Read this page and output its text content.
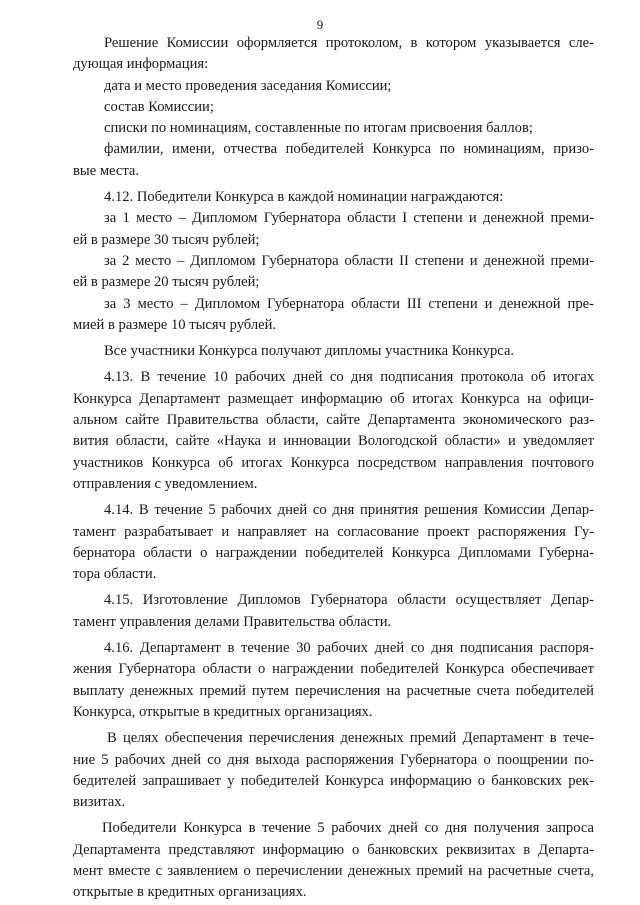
9
Решение Комиссии оформляется протоколом, в котором указывается сле-
дующая информация:
дата и место проведения заседания Комиссии;
состав Комиссии;
списки по номинациям, составленные по итогам присвоения баллов;
фамилии, имени, отчества победителей Конкурса по номинациям, призо-
вые места.
4.12. Победители Конкурса в каждой номинации награждаются:
за 1 место – Дипломом Губернатора области I степени и денежной преми-
ей в размере 30 тысяч рублей;
за 2 место – Дипломом Губернатора области II степени и денежной преми-
ей в размере 20 тысяч рублей;
за 3 место – Дипломом Губернатора области III степени и денежной пре-
мией в размере 10 тысяч рублей.
Все участники Конкурса получают дипломы участника Конкурса.
4.13. В течение 10 рабочих дней со дня подписания протокола об итогах
Конкурса Департамент размещает информацию об итогах Конкурса на офици-
альном сайте Правительства области, сайте Департамента экономического раз-
вития области, сайте «Наука и инновации Вологодской области» и уведомляет
участников Конкурса об итогах Конкурса посредством направления почтового
отправления с уведомлением.
4.14. В течение 5 рабочих дней со дня принятия решения Комиссии Депар-
тамент разрабатывает и направляет на согласование проект распоряжения Гу-
бернатора области о награждении победителей Конкурса Дипломами Губерна-
тора области.
4.15. Изготовление Дипломов Губернатора области осуществляет Депар-
тамент управления делами Правительства области.
4.16. Департамент в течение 30 рабочих дней со дня подписания распоря-
жения Губернатора области о награждении победителей Конкурса обеспечивает
выплату денежных премий путем перечисления на расчетные счета победителей
Конкурса, открытые в кредитных организациях.
В целях обеспечения перечисления денежных премий Департамент в тече-
ние 5 рабочих дней со дня выхода распоряжения Губернатора о поощрении по-
бедителей запрашивает у победителей Конкурса информацию о банковских рек-
визитах.
Победители Конкурса в течение 5 рабочих дней со дня получения запроса
Департамента представляют информацию о банковских реквизитах в Департа-
мент вместе с заявлением о перечислении денежных премий на расчетные счета,
открытые в кредитных организациях.
